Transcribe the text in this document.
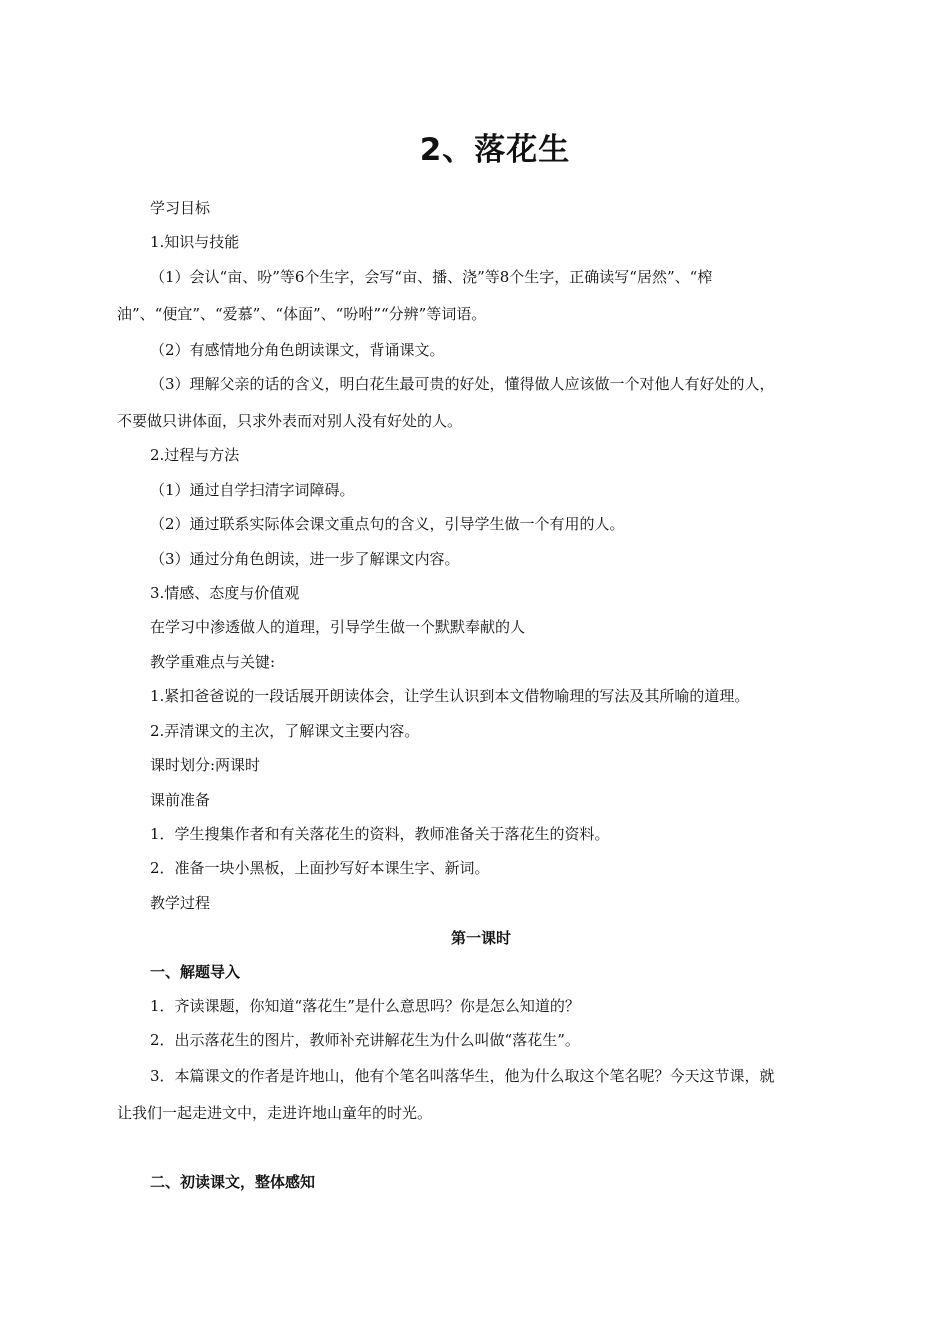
2、落花生
学习目标
1.知识与技能
（1）会认“亩、吩”等6个生字，会写“亩、播、浇”等8个生字，正确读写“居然”、“榨
油”、“便宜”、“爱慕”、“体面”、“吩咐”“分辨”等词语。
（2）有感情地分角色朗读课文，背诵课文。
（3）理解父亲的话的含义，明白花生最可贵的好处，懂得做人应该做一个对他人有好处的人，
不要做只讲体面，只求外表而对别人没有好处的人。
2.过程与方法
（1）通过自学扫清字词障碍。
（2）通过联系实际体会课文重点句的含义，引导学生做一个有用的人。
（3）通过分角色朗读，进一步了解课文内容。
3.情感、态度与价值观
在学习中渗透做人的道理，引导学生做一个默默奉献的人
教学重难点与关键:
1.紧扣爸爸说的一段话展开朗读体会，让学生认识到本文借物喻理的写法及其所喻的道理。
2.弄清课文的主次，了解课文主要内容。
课时划分:两课时
课前准备
1．学生搜集作者和有关落花生的资料，教师准备关于落花生的资料。
2．准备一块小黑板，上面抄写好本课生字、新词。
教学过程
第一课时
一、解题导入
1．齐读课题，你知道“落花生”是什么意思吗？你是怎么知道的？
2．出示落花生的图片，教师补充讲解花生为什么叫做“落花生”。
3．本篇课文的作者是许地山，他有个笔名叫落华生，他为什么取这个笔名呢？今天这节课，就
让我们一起走进文中，走进许地山童年的时光。
二、初读课文，整体感知
